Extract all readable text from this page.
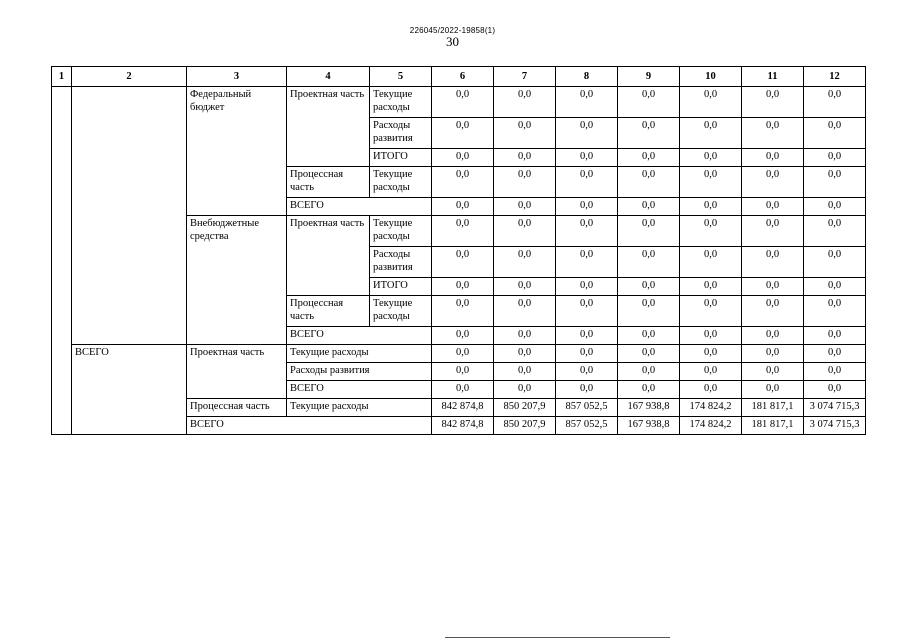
226045/2022-19858(1)
30
1	2	3	4	5	6	7	8	9	10	11	12
		Федеральный бюджет	Проектная часть	Текущие расходы	0,0	0,0	0,0	0,0	0,0	0,0	0,0
				Расходы развития	0,0	0,0	0,0	0,0	0,0	0,0	0,0
				ИТОГО	0,0	0,0	0,0	0,0	0,0	0,0	0,0
			Процессная часть	Текущие расходы	0,0	0,0	0,0	0,0	0,0	0,0	0,0
			ВСЕГО		0,0	0,0	0,0	0,0	0,0	0,0	0,0
		Внебюджетные средства	Проектная часть	Текущие расходы	0,0	0,0	0,0	0,0	0,0	0,0	0,0
				Расходы развития	0,0	0,0	0,0	0,0	0,0	0,0	0,0
				ИТОГО	0,0	0,0	0,0	0,0	0,0	0,0	0,0
			Процессная часть	Текущие расходы	0,0	0,0	0,0	0,0	0,0	0,0	0,0
			ВСЕГО		0,0	0,0	0,0	0,0	0,0	0,0	0,0
	ВСЕГО	Проектная часть	Текущие расходы		0,0	0,0	0,0	0,0	0,0	0,0	0,0
			Расходы развития		0,0	0,0	0,0	0,0	0,0	0,0	0,0
			ВСЕГО		0,0	0,0	0,0	0,0	0,0	0,0	0,0
		Процессная часть	Текущие расходы		842 874,8	850 207,9	857 052,5	167 938,8	174 824,2	181 817,1	3 074 715,3
		ВСЕГО			842 874,8	850 207,9	857 052,5	167 938,8	174 824,2	181 817,1	3 074 715,3
